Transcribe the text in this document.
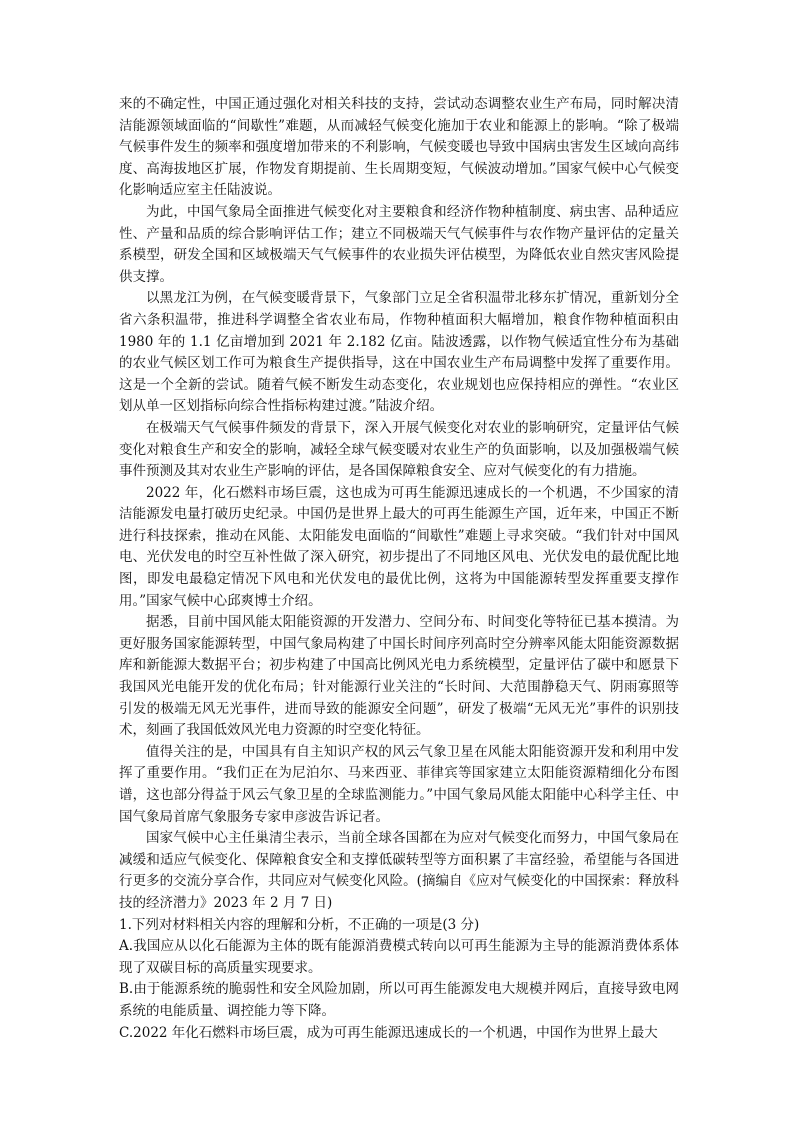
来的不确定性，中国正通过强化对相关科技的支持，尝试动态调整农业生产布局，同时解决清洁能源领域面临的“间歇性”难题，从而减轻气候变化施加于农业和能源上的影响。“除了极端气候事件发生的频率和强度增加带来的不利影响，气候变暖也导致中国病虫害发生区域向高纬度、高海拔地区扩展，作物发育期提前、生长周期变短，气候波动增加。”国家气候中心气候变化影响适应室主任陆波说。

为此，中国气象局全面推进气候变化对主要粮食和经济作物种植制度、病虫害、品种适应性、产量和品质的综合影响评估工作；建立不同极端天气气候事件与农作物产量评估的定量关系模型，研发全国和区域极端天气气候事件的农业损失评估模型，为降低农业自然灾害风险提供支撑。

以黑龙江为例，在气候变暖背景下，气象部门立足全省积温带北移东扩情况，重新划分全省六条积温带，推进科学调整全省农业布局，作物种植面积大幅增加，粮食作物种植面积由 1980 年的 1.1 亿亩增加到 2021 年 2.182 亿亩。陆波透露，以作物气候适宜性分布为基础的农业气候区划工作可为粮食生产提供指导，这在中国农业生产布局调整中发挥了重要作用。这是一个全新的尝试。随着气候不断发生动态变化，农业规划也应保持相应的弹性。“农业区划从单一区划指标向综合性指标构建过渡。”陆波介绍。

在极端天气气候事件频发的背景下，深入开展气候变化对农业的影响研究，定量评估气候变化对粮食生产和安全的影响，减轻全球气候变暖对农业生产的负面影响，以及加强极端气候事件预测及其对农业生产影响的评估，是各国保障粮食安全、应对气候变化的有力措施。

2022 年，化石燃料市场巨震，这也成为可再生能源迅速成长的一个机遇，不少国家的清洁能源发电量打破历史纪录。中国仍是世界上最大的可再生能源生产国，近年来，中国正不断进行科技探索，推动在风能、太阳能发电面临的“间歇性”难题上寻求突破。“我们针对中国风电、光伏发电的时空互补性做了深入研究，初步提出了不同地区风电、光伏发电的最优配比地图，即发电最稳定情况下风电和光伏发电的最优比例，这将为中国能源转型发挥重要支撑作用。”国家气候中心邱爽博士介绍。

据悉，目前中国风能太阳能资源的开发潜力、空间分布、时间变化等特征已基本摸清。为更好服务国家能源转型，中国气象局构建了中国长时间序列高时空分辨率风能太阳能资源数据库和新能源大数据平台；初步构建了中国高比例风光电力系统模型，定量评估了碳中和愿景下我国风光电能开发的优化布局；针对能源行业关注的“长时间、大范围静稳天气、阴雨寡照等引发的极端无风无光事件，进而导致的能源安全问题”，研发了极端“无风无光”事件的识别技术，刻画了我国低效风光电力资源的时空变化特征。

值得关注的是，中国具有自主知识产权的风云气象卫星在风能太阳能资源开发和利用中发挥了重要作用。“我们正在为尼泊尔、马来西亚、菲律宾等国家建立太阳能资源精细化分布图谱，这也部分得益于风云气象卫星的全球监测能力。”中国气象局风能太阳能中心科学主任、中国气象局首席气象服务专家申彦波告诉记者。

国家气候中心主任巢清尘表示，当前全球各国都在为应对气候变化而努力，中国气象局在减缓和适应气候变化、保障粮食安全和支撑低碳转型等方面积累了丰富经验，希望能与各国进行更多的交流分享合作，共同应对气候变化风险。(摘编自《应对气候变化的中国探索：释放科技的经济潜力》2023 年 2 月 7 日)

1.下列对材料相关内容的理解和分析，不正确的一项是(3 分)

A.我国应从以化石能源为主体的既有能源消费模式转向以可再生能源为主导的能源消费体系体现了双碳目标的高质量实现要求。

B.由于能源系统的脆弱性和安全风险加剧，所以可再生能源发电大规模并网后，直接导致电网系统的电能质量、调控能力等下降。

C.2022 年化石燃料市场巨震，成为可再生能源迅速成长的一个机遇，中国作为世界上最大
